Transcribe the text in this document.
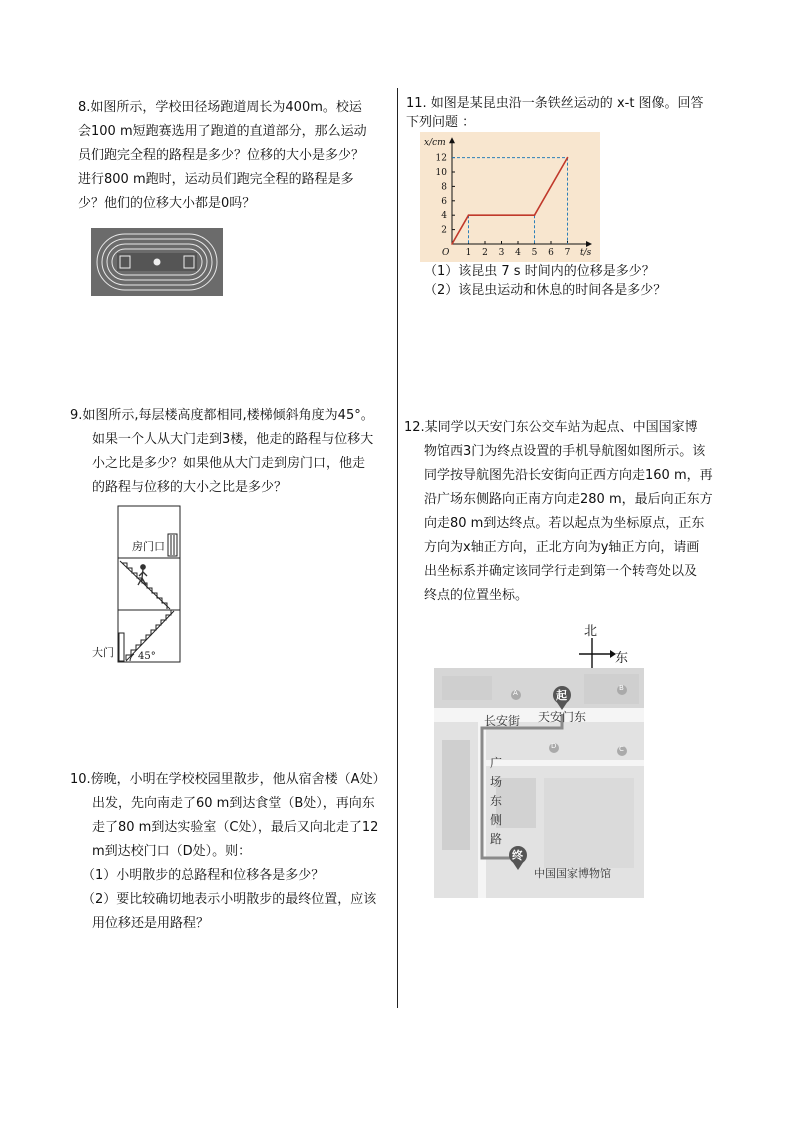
8.如图所示，学校田径场跑道周长为400m。校运

会100 m短跑赛选用了跑道的直道部分，那么运动

员们跑完全程的路程是多少？位移的大小是多少？

进行800 m跑时，运动员们跑完全程的路程是多

少？他们的位移大小都是0吗？

9.如图所示,每层楼高度都相同,楼梯倾斜角度为45°。

如果一个人从大门走到3楼，他走的路程与位移大

小之比是多少？如果他从大门走到房门口，他走

的路程与位移的大小之比是多少？

房门口
大门 45°

10.傍晚，小明在学校校园里散步，他从宿舍楼（A处）

出发，先向南走了60 m到达食堂（B处），再向东

走了80 m到达实验室（C处），最后又向北走了12

m到达校门口（D处）。则：

（1）小明散步的总路程和位移各是多少？

（2）要比较确切地表示小明散步的最终位置，应该

用位移还是用路程？

11. 如图是某昆虫沿一条铁丝运动的 x-t 图像。回答

下列问题 ：

1 2 3 4 5 6 7
2
4
6
8
10
12
x/cm
t/s
O

（1）该昆虫 7 s 时间内的位移是多少？

（2）该昆虫运动和休息的时间各是多少？

12.某同学以天安门东公交车站为起点、中国国家博

物馆西3门为终点设置的手机导航图如图所示。该

同学按导航图先沿长安街向正西方向走160 m，再

沿广场东侧路向正南方向走280 m，最后向正东方

向走80 m到达终点。若以起点为坐标原点，正东

方向为x轴正方向，正北方向为y轴正方向，请画

出坐标系并确定该同学行走到第一个转弯处以及

终点的位置坐标。

北
东
起
终
A
B
C
D
长安街 天安门东
广
场
东
侧
路
中国国家博物馆
